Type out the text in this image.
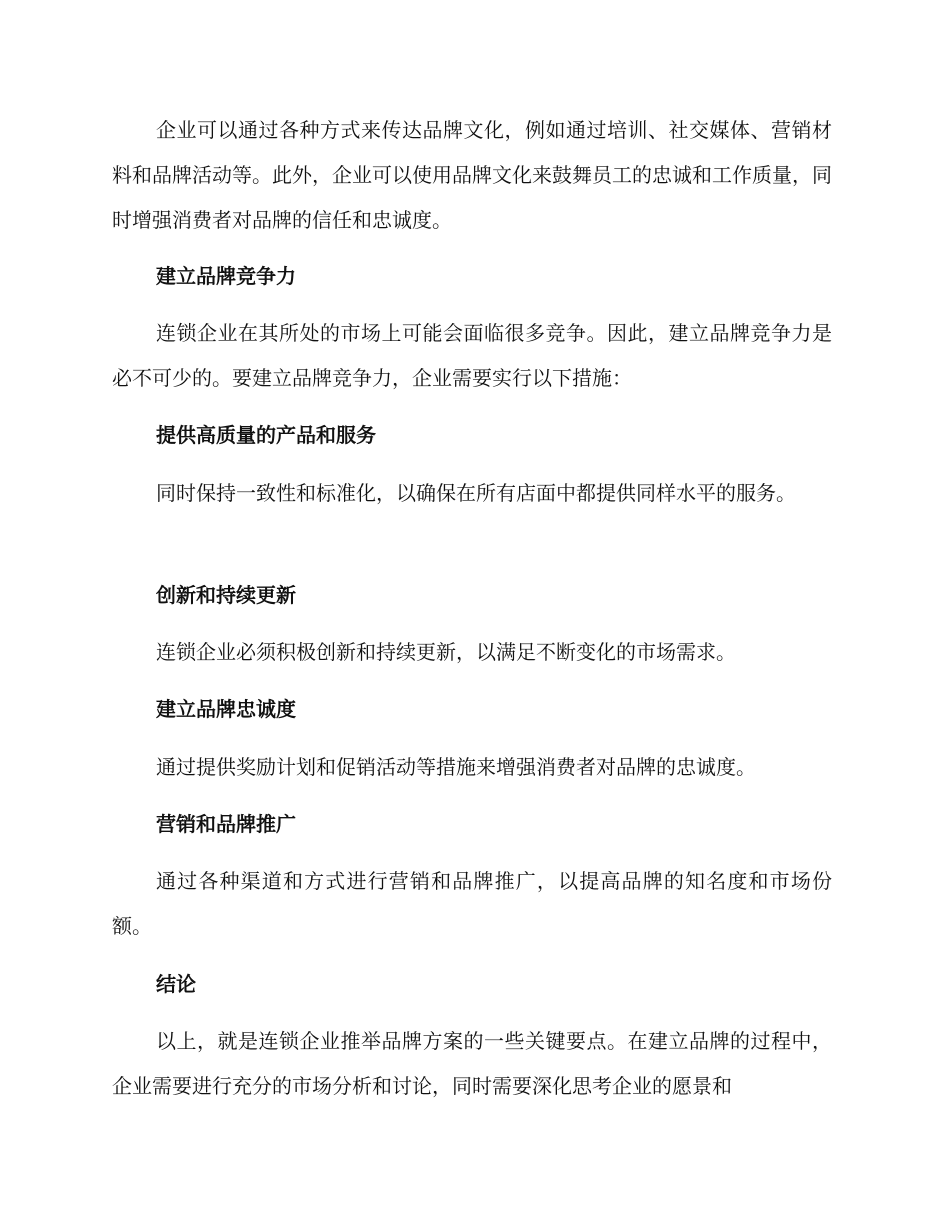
企业可以通过各种方式来传达品牌文化，例如通过培训、社交媒体、营销材料和品牌活动等。此外，企业可以使用品牌文化来鼓舞员工的忠诚和工作质量，同时增强消费者对品牌的信任和忠诚度。

建立品牌竞争力

连锁企业在其所处的市场上可能会面临很多竞争。因此，建立品牌竞争力是必不可少的。要建立品牌竞争力，企业需要实行以下措施：

提供高质量的产品和服务

同时保持一致性和标准化，以确保在所有店面中都提供同样水平的服务。

创新和持续更新

连锁企业必须积极创新和持续更新，以满足不断变化的市场需求。

建立品牌忠诚度

通过提供奖励计划和促销活动等措施来增强消费者对品牌的忠诚度。

营销和品牌推广

通过各种渠道和方式进行营销和品牌推广，以提高品牌的知名度和市场份额。

结论

以上，就是连锁企业推举品牌方案的一些关键要点。在建立品牌的过程中，企业需要进行充分的市场分析和讨论，同时需要深化思考企业的愿景和
